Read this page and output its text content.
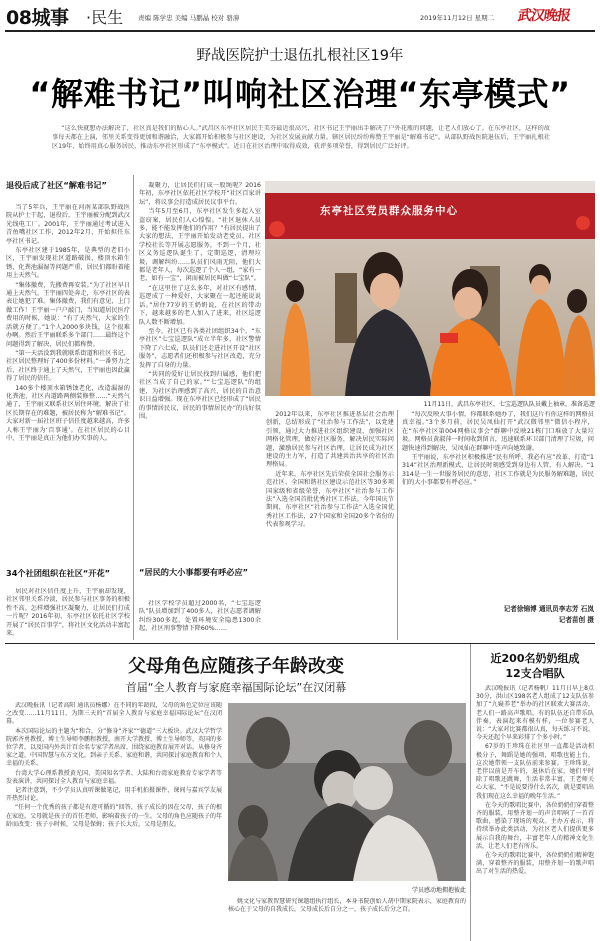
08城事 ·民生 责编 陈学忠 美编 马鹏晶 校对 骆濞	2019年11月12日 星期二 武汉晚报
野战医院护士退伍扎根社区19年
“解难书记”叫响社区治理“东亭模式”
“这么快就想办法解决了，社区真是我们的贴心人。”武昌区东亭社区居民王美芬最近很高兴，社区书记王宇丽出手解决了户外花瓶的问题，让老人们放心了。在东亭社区，这样的故事每天都在上演，邻里关系变得更加和谐融洽，大家都开始积极参与社区建设，为社区发展贡献力量。辖区居民纷纷称赞王宇丽是“解难书记”。从部队野战医院退伍后，王宇丽扎根社区19年，始终用真心服务居民，推动东亭社区形成了“东亭模式”。近日在社区治理中取得成效，获评多项荣誉，得到居民广泛好评。
退役后成了社区“解难书记”

当了5年兵，王宇丽在河南某部队野战医院从护士干起，退役后，王宇丽被分配到武汉光线电工厂。2001年，王宇丽通过考试进入青鱼嘴社区工作，2012年2月，开始担任东亭社区书记。

东亭社区建于1985年，是典型的老旧小区，王宇丽发现社区道路破损、楼顶水箱生锈、化粪池漏湿等问题严重，居民们都盼着能用上天然气。

“集体撤费，先搬费再安装。”为了社区早日通上天然气，王宇丽四处奔走，东亭社区的表表让她犯了难。集体撤费，我们有意见，上门做工作！王宇丽一户户敲门，当知道居民医疗费用的时候，她说：“有了天然气，大家的生活就方便了。”1个人2000多块钱，这个很难办啊。然后王宇丽联系多个部门……最终这个问题得到了解决，居民们都称赞。

“第一天活没到我就联系街道和社区书记，社区居民整理好了400多份材料。”一番努力之后，社区终于通上了天然气，王宇丽也因此赢得了居民的信任。

140多个楼顶水箱锈蚀老化，改造漏湿的化粪池、社区内道路两侧装修整……“天然气通了，王宇丽又联系社区居住环境，解决了社区长期存在的难题，被居民称为“解难书记”。大家对新一届社区班子信任度越来越高，许多人称王宇丽为‘百事通’。在社区居民的心目中，王宇丽是真正为他们办实事的人。

34个社团组织在社区“开花”

居民对社区信任度上升，王宇丽却发现，社区邻里关系冷淡，居民参与社区事务的积极性不高。怎样增强社区凝聚力，让居民们打成一片呢？2016年初，东亭社区依托社区学校开展了“居民百事学”，将社区文化活动丰富起来。

凝聚力，让居民们打成一股绳呢？2016年初，东亭社区依托社区学校开“社区百家讲坛”，将议事会打造成居民议事平台。

当年5月至6月，东亭社区发生多起入室盗窃案，居民们人心惶惶。“社区退休人员多，能不能发挥他们的作用？”有居民提出了大家的想法，王宇丽开始发动老党员、社区学校社长等开展志愿服务。不到一个月，社区义务巡逻队诞生了，定期巡逻，清理垃圾，调解纠纷……队员们风雨无阻，他们大都是老年人，每次巡逻了个人一组，“家有一老，如有一宝”，闲而被居民叫做“七宝队”。

“在这里住了这么多年，对社区有感情，巡逻成了一种爱好，大家聚在一起还能说说话。”居住77岁的王奶奶说，在社区的带动下，越来越多的老人加入了进来，社区巡逻队人数不断增加。

至今，社区已有各类社团组织34个，“东亭社区”七宝巡逻队“成立半年多，社区警情下降了六七成，队员们还走进社区开设“社区服务”，志愿者们还积极参与社区改造，充分发挥了自身的力量。

“共同的爱好让居民找到归属感，他们把社区当成了自己的家。”“七宝巡逻队”的组建，为社区治理感到了高兴，居民的自治意识日益增强。现在东亭社区已经形成了“居民的事情居民议，居民的事情居民办”的良好氛围。

“居民的大小事都要有呼必应”

社区学校学员超过2000名，“七宝巡逻队”队员增加到了400多人，社区志愿者调解纠纷300多起，处置环境安全隐患1300余起，社区刑事警情下降60%……

东亭社区党员群众服务中心
11月11日，武昌东亭社区，七宝巡逻队队员戴上袖章，准备巡逻

2012年以来，东亭社区推进基层社会治理创新，总结形成了“社治参与工作法”，以党建引领，通过大力推进社区组织建设，加强社区网格化管理，做好社区服务，解决居民实际问题，激励居民参与社区治理，让居民成为社区建设的主力军，打造了共建共治共享的社区治理格局。

近年来，东亭社区先后荣获全国社会服务示范社区、全国和谐社区建设示范社区等30多项国家级和省级荣誉，东亭社区“社治参与工作法”入选全国首批优秀社区工作法。今年国庆节期间，东亭社区“社治参与工作法”入选全国优秀社区工作法，27个国家和全国20多个省份的代表参观学习。

“每次反映大事小情，你都联系她办了，我们这片有你这样的网格员真幸福。”3个多月前，居民吴凤仙打开“武汉微邻里”微信小程序，在“东亭社区第004网格议事会”群聊中反映21栋门口堆放了大量垃圾。网格员黄淑萍一时间收到留言，迅速联系环卫部门清理了垃圾，问题快速得到解决，吴凤仙在群聊中连声向她致谢。

王宇丽说，东亭社区积极推进“民有所呼，我必有应”改革，打造“1314”社区治理新模式，让居民时刻感受到身边有人管、有人解决。“1314是一生一世服务居民的意思，社区工作就是为民服务解难题，居民们的大小事都要有呼必应。”

记者徐锦博 通讯员李志芳 石岚
记者苗创 摄
父母角色应随孩子年龄改变
首届“全人教育与家庭幸福国际论坛”在汉闭幕

武汉晚报讯（记者高阳 通讯员杨娜）在不同的年龄段，父母的角色定位应该随之改变……11月11日，为期三天的“首届全人教育与家庭幸福国际论坛”在汉闭幕。

本次国际论坛的主题为“和合，分”修身“齐家”“德道”三大板块。武汉大学哲学院郭齐勇教授、博士生导师李鹏程教授，南开大学教授、博士生导师等，英国的多位学者，以及国内外共计百余名专家学者出席，围绕家庭教育展开对话。从修身齐家之道，中国智慧与东方文化，到亲子关系、家庭和谐，共同探讨家庭教育和个人幸福的关系。

台湾大学心理系教授黄光国、美国知名学者、大陆和台湾家庭教育专家学者等发表演讲，共同探讨全人教育与家庭幸福。

记者注意到，不少学员认真听课做笔记，用手机拍摄课件，课间与嘉宾学友展开热烈讨论。

“任何一个优秀的孩子都是有迹可循的”回答，孩子成长的因在父母，孩子的根在家庭。父母就是孩子的首任老师，影响着孩子的一生。父母的角色应随孩子的年龄而改变：孩子小时候，父母是保姆；孩子长大后，父母是朋友。

学员感动地拥抱彼此
姚文化与家教智慧研究课题组执行组长，本身书院创始人胡中期家院表示，家庭教育的核心在于父母的自我成长，父母成长后自分之一，孩子成长后分之百。
近200名奶奶组成
12支合唱队

武汉晚报讯（记者杨帆）11月日早上8点30分，洪山区198名老人组成了12支队伍参加了“九嶷养老”举办的社区联欢大赛活动，老人们一路高声歌唱，有的队伍还自带乐队伴奏，表演起来有模有样，一位参赛老人说：“大家对比赛都很认真，每天练习不说，今天还起个早来彩排了个多小时。”

67岁的王珍珠在社区里一直都是活动积极分子，舞蹈是她的强项，唱歌也能上台，这次她带领一支队伍前来参赛。王珍珠说，老伴以前是开车的，退休后在家，她们平时除了唱歌还跳舞，生活非常丰富。王老师关心大家，“不是说要得什么名次，就是要唱出我们现在这么幸福的晚年生活。”

在今天的歌唱比赛中，各位奶奶们穿着整齐的服装，用整齐划一的声音唱响了一首首歌曲，感染了现场的观众。主办方表示，将持续举办此类活动，为社区老人们提供更多展示自我的舞台，丰富老年人的精神文化生活，让老人们老有所乐。

在今天的歌唱比赛中，各位奶奶们精神饱满，穿着整齐的服装，用整齐划一的歌声唱出了对生活的热爱。
